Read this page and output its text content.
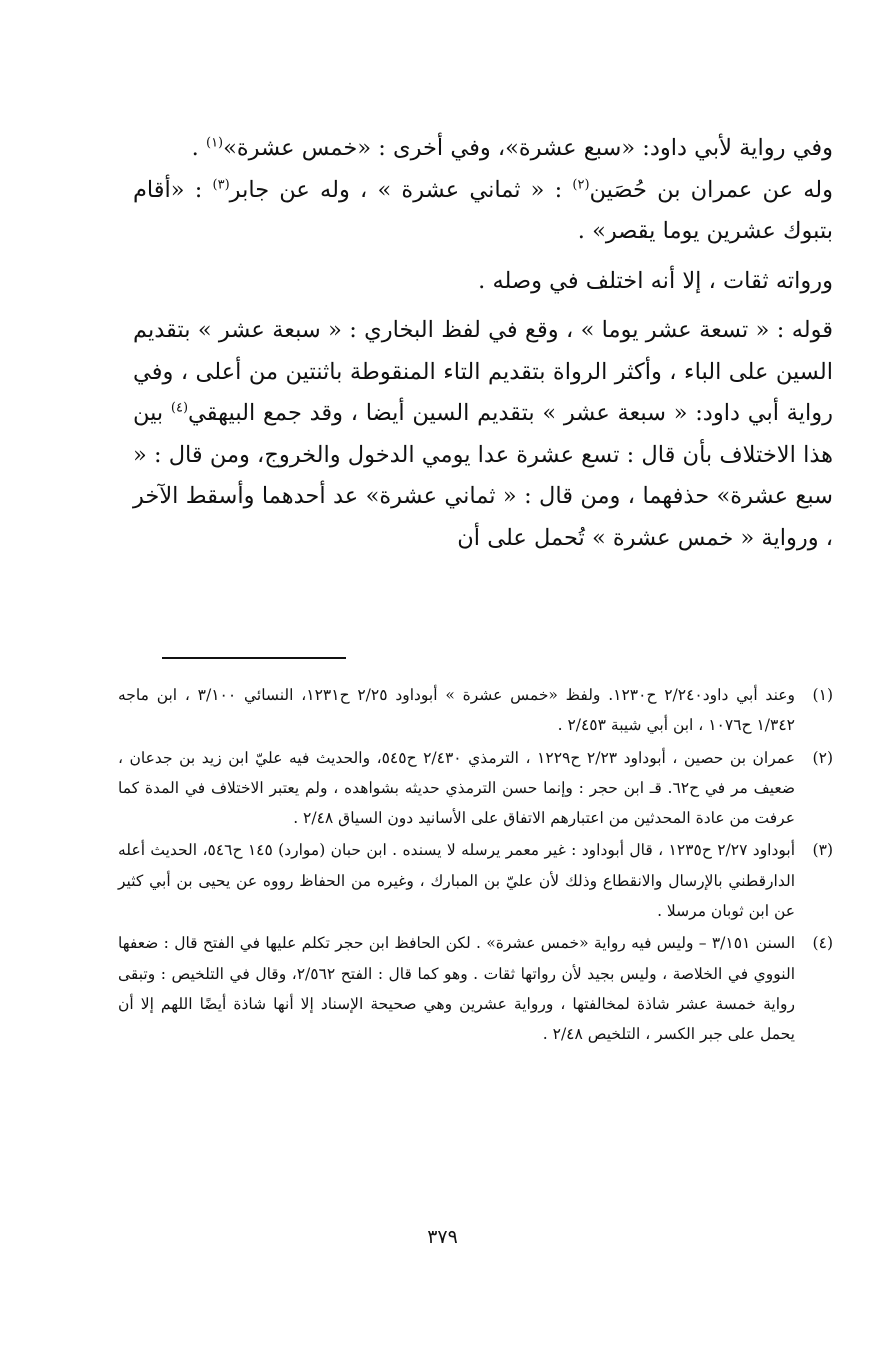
وفي رواية لأبي داود: «سبع عشرة»، وفي أخرى : «خمس عشرة»$^{(١)}$ .

وله عن عمران بن حُصَين$^{(٢)}$ : « ثماني عشرة » ، وله عن جابر$^{(٣)}$ : «أقام بتبوك عشرين يوما يقصر» .

ورواته ثقات ، إلا أنه اختلف في وصله .

قوله : « تسعة عشر يوما » ، وقع في لفظ البخاري : « سبعة عشر » بتقديم السين على الباء ، وأكثر الرواة بتقديم التاء المنقوطة باثنتين من أعلى ، وفي رواية أبي داود: « سبعة عشر » بتقديم السين أيضا ، وقد جمع البيهقي$^{(٤)}$ بين هذا الاختلاف بأن قال : تسع عشرة عدا يومي الدخول والخروج، ومن قال : « سبع عشرة» حذفهما ، ومن قال : « ثماني عشرة» عد أحدهما وأسقط الآخر ، ورواية « خمس عشرة » تُحمل على أن

(١)
وعند أبي داود٢/٢٤٠ ح١٢٣٠. ولفظ «خمس عشرة » أبوداود ٢/٢٥ ح١٢٣١، النسائي ٣/١٠٠ ، ابن ماجه ١/٣٤٢ ح١٠٧٦ ، ابن أبي شيبة ٢/٤٥٣ .

(٢)
عمران بن حصين ، أبوداود ٢/٢٣ ح١٢٢٩ ، الترمذي ٢/٤٣٠ ح٥٤٥، والحديث فيه عليّ ابن زيد بن جدعان ، ضعيف مر في ح٦٢. قـ ابن حجر : وإنما حسن الترمذي حديثه بشواهده ، ولم يعتبر الاختلاف في المدة كما عرفت من عادة المحدثين من اعتبارهم الاتفاق على الأسانيد دون السياق ٢/٤٨ .

(٣)
أبوداود ٢/٢٧ ح١٢٣٥ ، قال أبوداود : غير معمر يرسله لا يسنده . ابن حبان (موارد) ١٤٥ ح٥٤٦، الحديث أعله الدارقطني بالإرسال والانقطاع وذلك لأن عليّ بن المبارك ، وغيره من الحفاظ رووه عن يحيى بن أبي كثير عن ابن ثوبان مرسلا .

(٤)
السنن ٣/١٥١ – وليس فيه رواية «خمس عشرة» . لكن الحافظ ابن حجر تكلم عليها في الفتح قال : ضعفها النووي في الخلاصة ، وليس بجيد لأن رواتها ثقات . وهو كما قال : الفتح ٢/٥٦٢، وقال في التلخيص : وتبقى رواية خمسة عشر شاذة لمخالفتها ، ورواية عشرين وهي صحيحة الإسناد إلا أنها شاذة أيضًا اللهم إلا أن يحمل على جبر الكسر ، التلخيص ٢/٤٨ .

٣٧٩
